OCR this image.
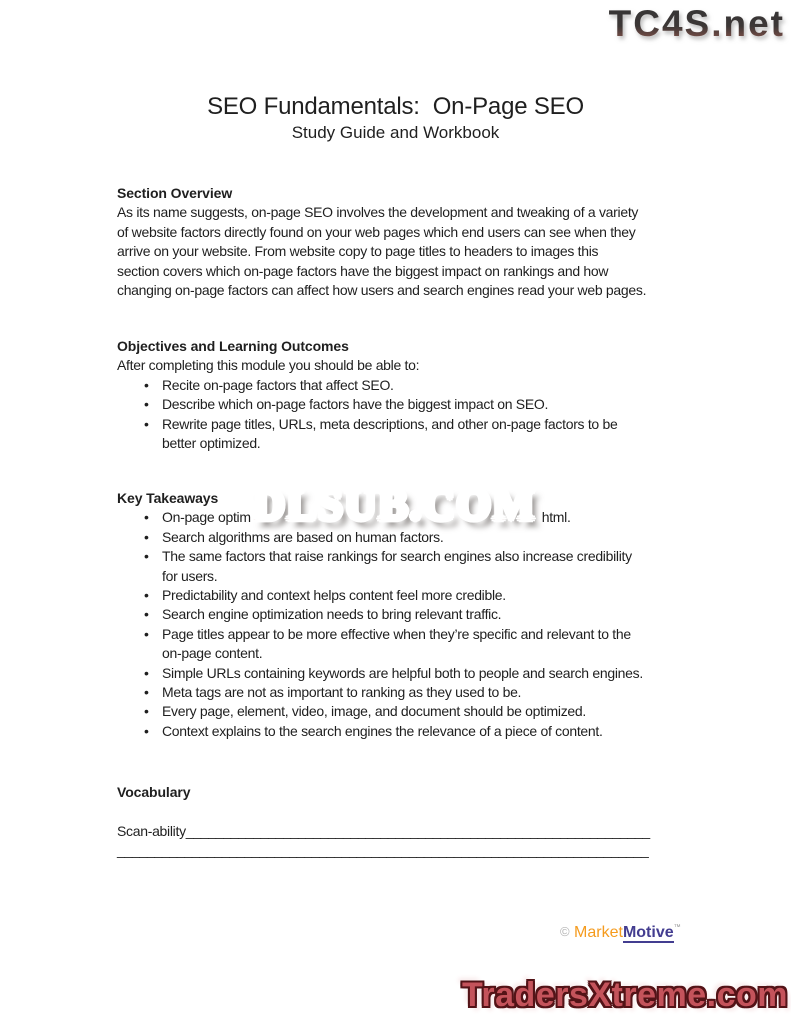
TC4S.net
SEO Fundamentals:  On-Page SEO
Study Guide and Workbook
Section Overview
As its name suggests, on-page SEO involves the development and tweaking of a variety
of website factors directly found on your web pages which end users can see when they
arrive on your website. From website copy to page titles to headers to images this
section covers which on-page factors have the biggest impact on rankings and how
changing on-page factors can affect how users and search engines read your web pages.
Objectives and Learning Outcomes
After completing this module you should be able to:
• Recite on-page factors that affect SEO.
• Describe which on-page factors have the biggest impact on SEO.
• Rewrite page titles, URLs, meta descriptions, and other on-page factors to be
better optimized.
Key Takeaways
• On-page optim	html.
• Search algorithms are based on human factors.
• The same factors that raise rankings for search engines also increase credibility
for users.
• Predictability and context helps content feel more credible.
• Search engine optimization needs to bring relevant traffic.
• Page titles appear to be more effective when they’re specific and relevant to the
on-page content.
• Simple URLs containing keywords are helpful both to people and search engines.
• Meta tags are not as important to ranking as they used to be.
• Every page, element, video, image, and document should be optimized.
• Context explains to the search engines the relevance of a piece of content.
Vocabulary
Scan-ability______________________________________________________________
_______________________________________________________________________
DLSUB.COM
© MarketMotive™
TradersXtreme.com
